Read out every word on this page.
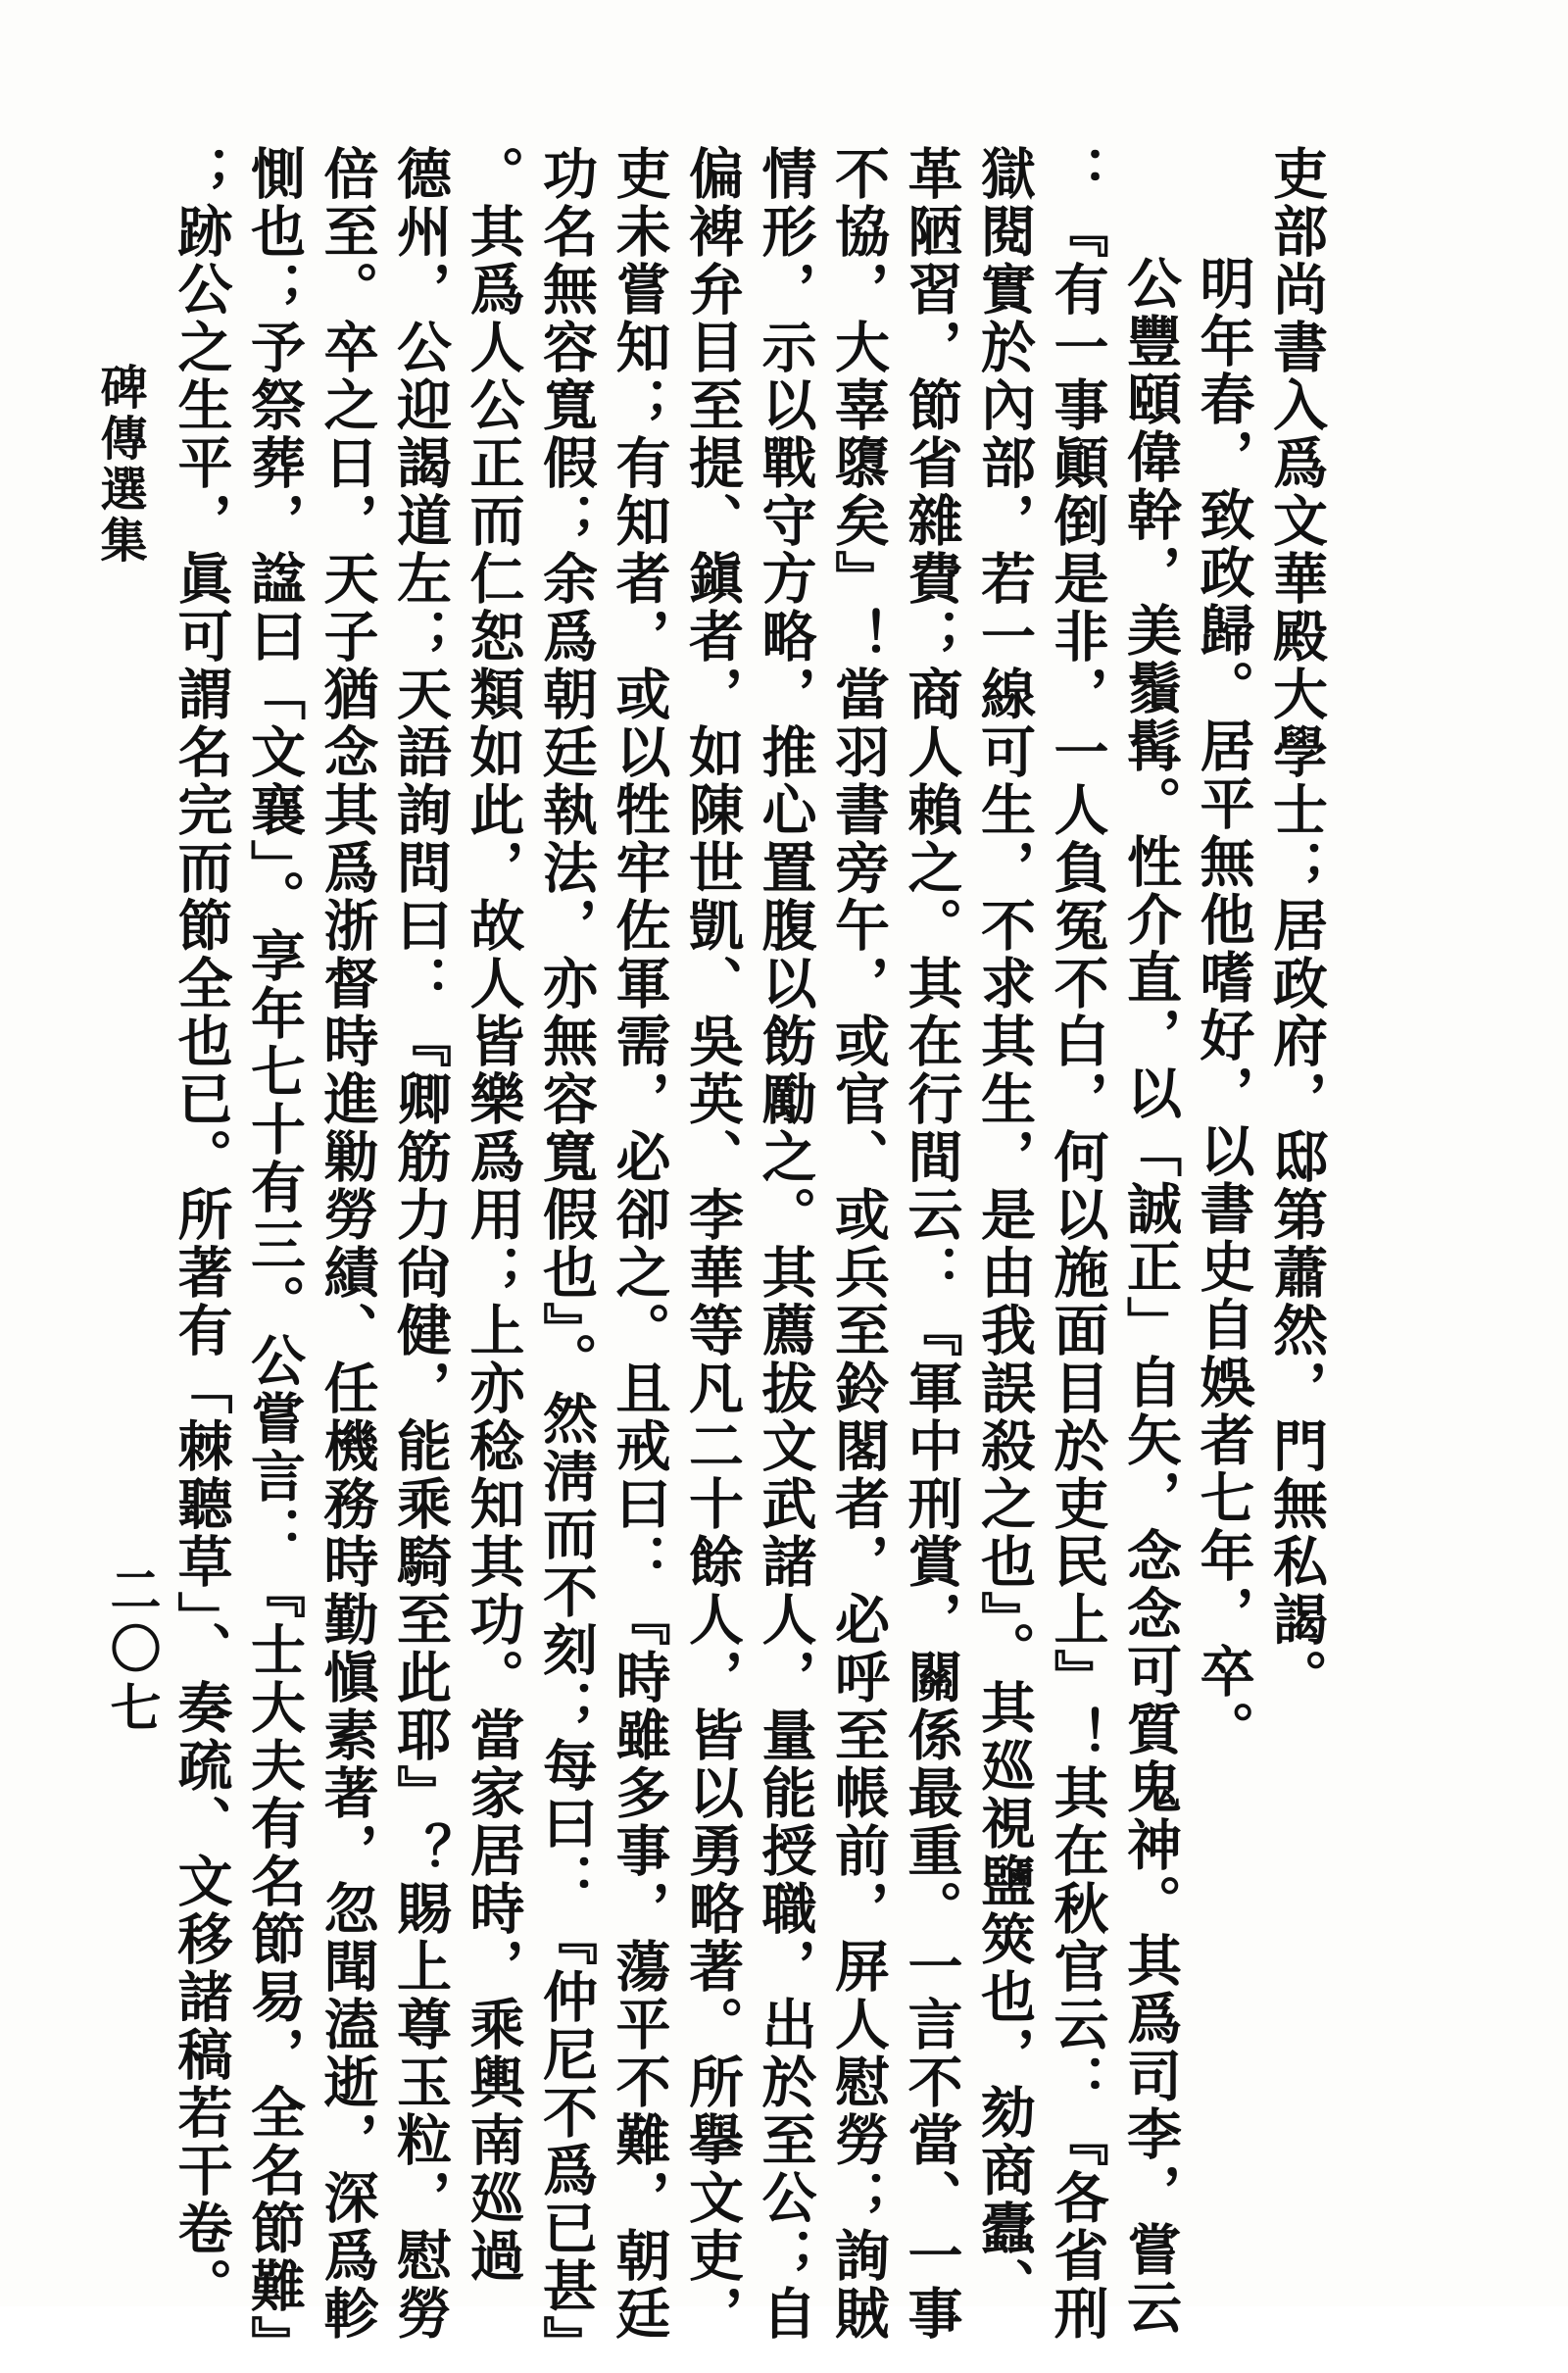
吏部尚書入爲文華殿大學士；居政府，邸第蕭然，門無私謁。
明年春，致政歸。居平無他嗜好，以書史自娛者七年，卒。
公豐頤偉幹，美鬚髯。性介直，以「誠正」自矢，念念可質鬼神。其爲司李，嘗云
：『有一事顚倒是非，一人負冤不白，何以施面目於吏民上』！其在秋官云：『各省刑
獄閱實於內部，若一線可生，不求其生，是由我誤殺之也』。其廵視鹽筴也，劾商蠹、
革陋習，節省雜費；商人賴之。其在行間云：『軍中刑賞，關係最重。一言不當、一事
不協，大辜隳矣』！當羽書旁午，或官、或兵至鈴閣者，必呼至帳前，屏人慰勞；詢賊
情形，示以戰守方略，推心置腹以飭勵之。其薦拔文武諸人，量能授職，出於至公；自
偏裨弁目至提、鎭者，如陳世凱、吳英、李華等凡二十餘人，皆以勇略著。所擧文吏，
吏未嘗知；有知者，或以牲牢佐軍需，必卻之。且戒曰：『時雖多事，蕩平不難，朝廷
功名無容寬假；余爲朝廷執法，亦無容寬假也』。然淸而不刻；每曰：『仲尼不爲已甚』
。其爲人公正而仁恕類如此，故人皆樂爲用；上亦稔知其功。當家居時，乘輿南廵過
德州，公迎謁道左；天語詢問曰：『卿筋力尙健，能乘騎至此耶』？賜上尊玉粒，慰勞
倍至。卒之日，天子猶念其爲浙督時進勦勞績、任機務時勤愼素著，忽聞溘逝，深爲軫
惻也；予祭葬，諡曰「文襄」。享年七十有三。公嘗言：『士大夫有名節易，全名節難』
；跡公之生平，眞可謂名完而節全也已。所著有「棘聽草」、奏疏、文移諸稿若干卷。
碑傳選集
二〇七
